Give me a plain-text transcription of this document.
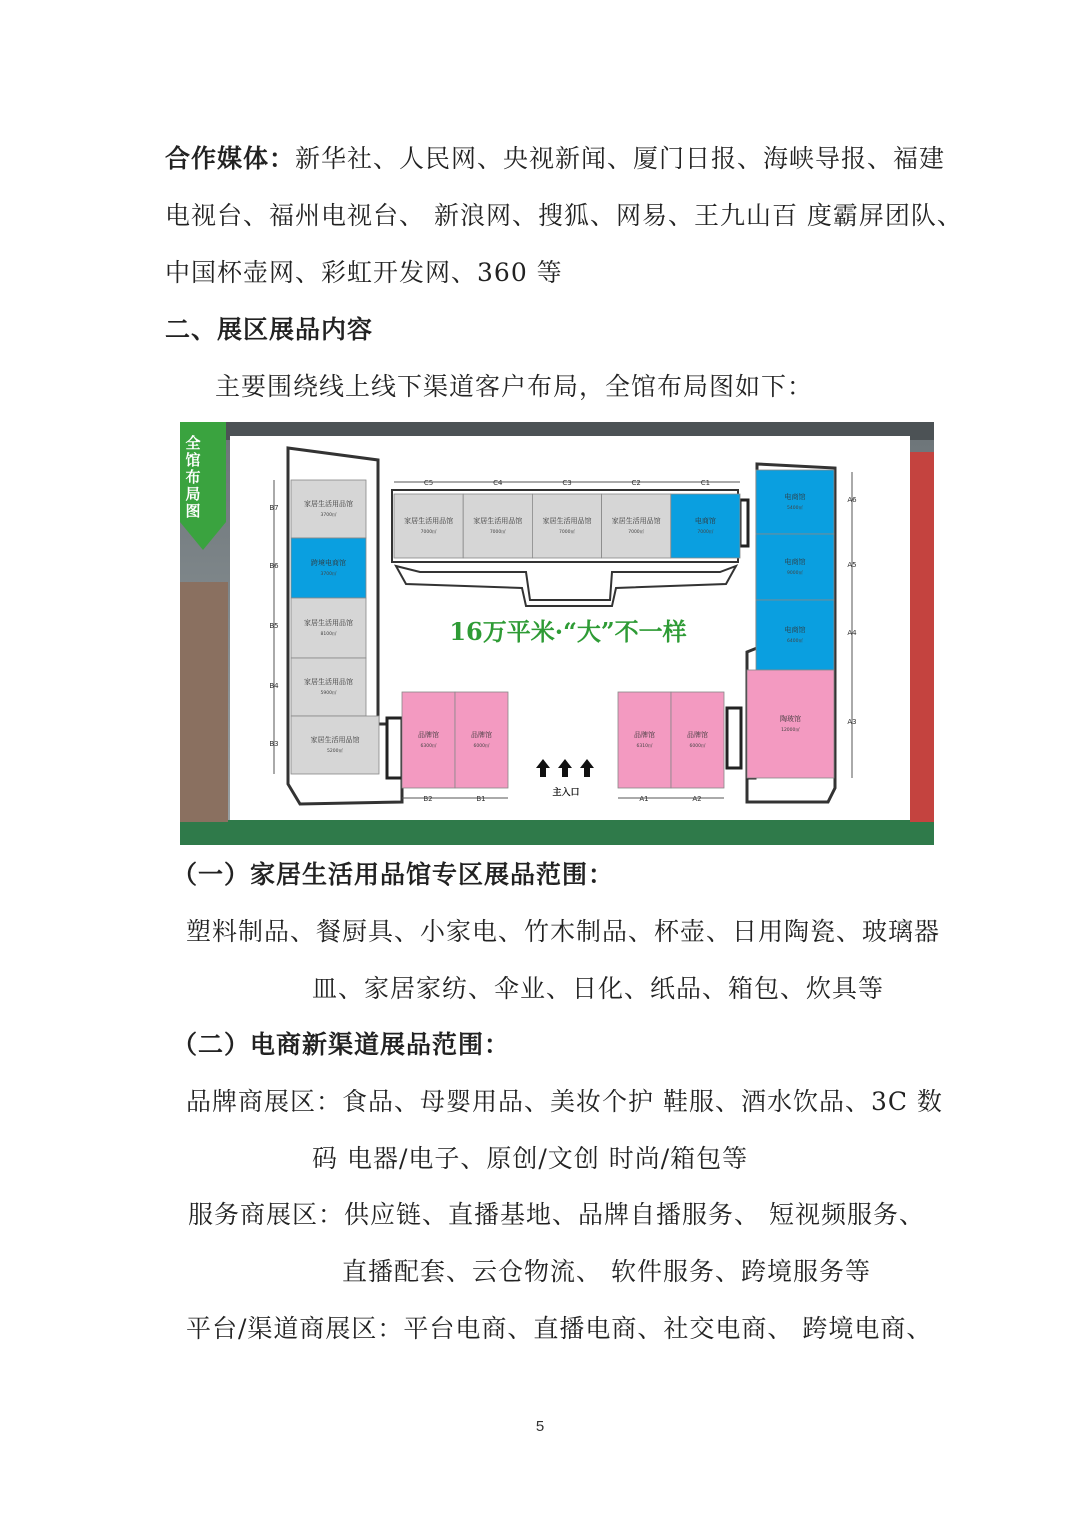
合作媒体：新华社、人民网、央视新闻、厦门日报、海峡导报、福建
电视台、福州电视台、 新浪网、搜狐、网易、王九山百 度霸屏团队、
中国杯壶网、彩虹开发网、360 等
二、展区展品内容
主要围绕线上线下渠道客户布局，全馆布局图如下：
全
馆
布
局
图
家居生活用品馆
7000㎡
家居生活用品馆
7000㎡
家居生活用品馆
7000㎡
家居生活用品馆
7000㎡
电商馆
7000㎡
家居生活用品馆
3700㎡
跨境电商馆
3700㎡
家居生活用品馆
8100㎡
家居生活用品馆
5900㎡
家居生活用品馆
5200㎡
电商馆
5400㎡
电商馆
9000㎡
电商馆
6400㎡
陶玻馆
12000㎡
品牌馆
6300㎡
品牌馆
6000㎡
品牌馆
6310㎡
品牌馆
6000㎡
C5	C4	C3	C2	C1
B7
B6
B5
B4
B3
A6
A5
A4
A3
B2	B1	A1	A2
16万平米·“大”不一样
主入口
（一）家居生活用品馆专区展品范围：
塑料制品、餐厨具、小家电、竹木制品、杯壶、日用陶瓷、玻璃器
皿、家居家纺、伞业、日化、纸品、箱包、炊具等
（二）电商新渠道展品范围：
品牌商展区：食品、母婴用品、美妆个护 鞋服、酒水饮品、3C 数
码 电器/电子、原创/文创 时尚/箱包等
服务商展区：供应链、直播基地、品牌自播服务、 短视频服务、
直播配套、云仓物流、 软件服务、跨境服务等
平台/渠道商展区：平台电商、直播电商、社交电商、 跨境电商、
5
